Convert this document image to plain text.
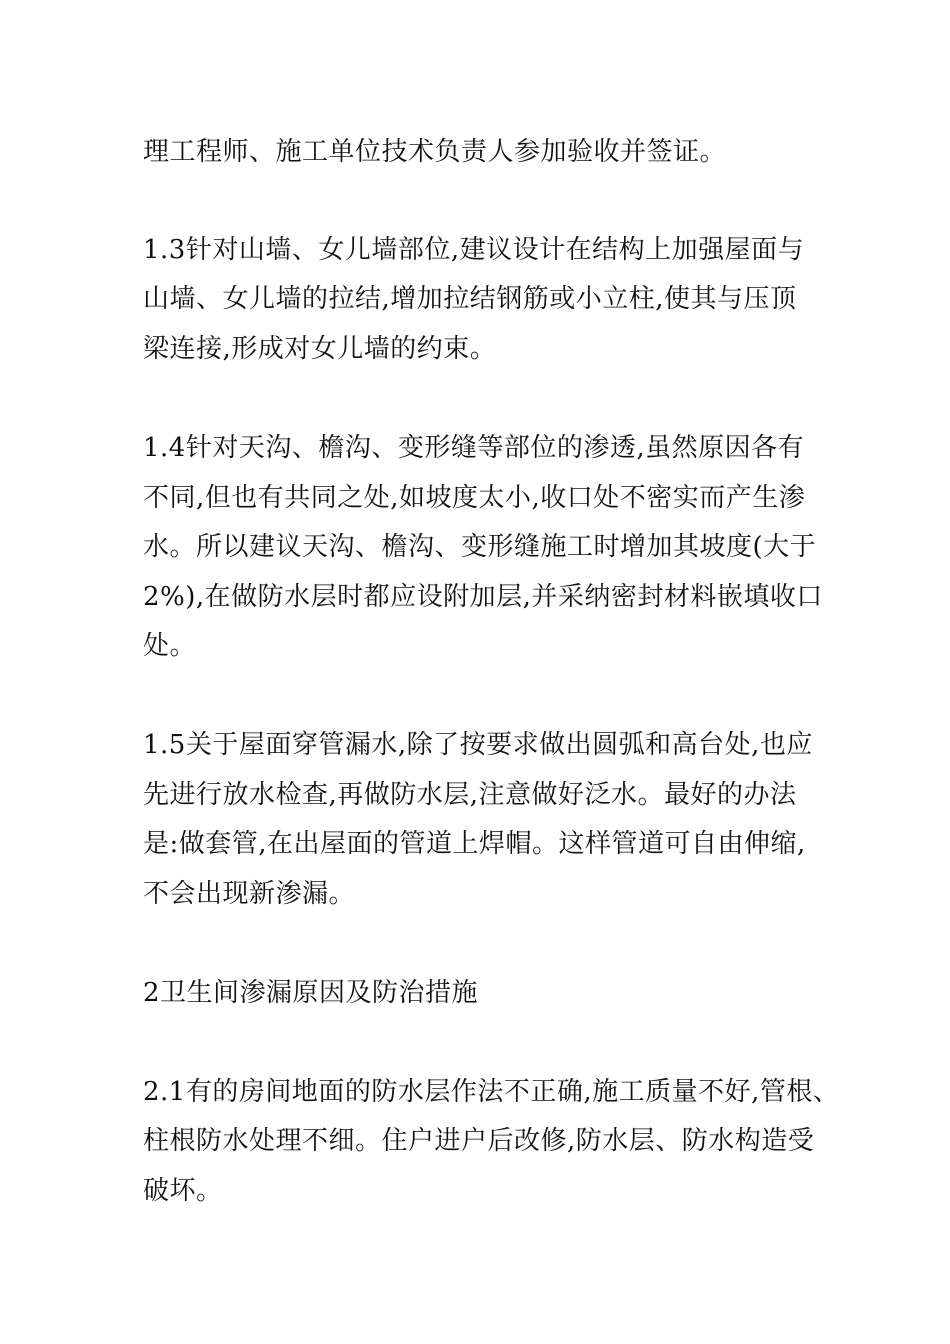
理工程师、施工单位技术负责人参加验收并签证。
1.3针对山墙、女儿墙部位,建议设计在结构上加强屋面与
山墙、女儿墙的拉结,增加拉结钢筋或小立柱,使其与压顶
梁连接,形成对女儿墙的约束。
1.4针对天沟、檐沟、变形缝等部位的渗透,虽然原因各有
不同,但也有共同之处,如坡度太小,收口处不密实而产生渗
水。所以建议天沟、檐沟、变形缝施工时增加其坡度(大于
2%),在做防水层时都应设附加层,并采纳密封材料嵌填收口
处。
1.5关于屋面穿管漏水,除了按要求做出圆弧和高台处,也应
先进行放水检查,再做防水层,注意做好泛水。最好的办法
是:做套管,在出屋面的管道上焊帽。这样管道可自由伸缩,
不会出现新渗漏。
2卫生间渗漏原因及防治措施
2.1有的房间地面的防水层作法不正确,施工质量不好,管根、
柱根防水处理不细。住户进户后改修,防水层、防水构造受
破坏。
